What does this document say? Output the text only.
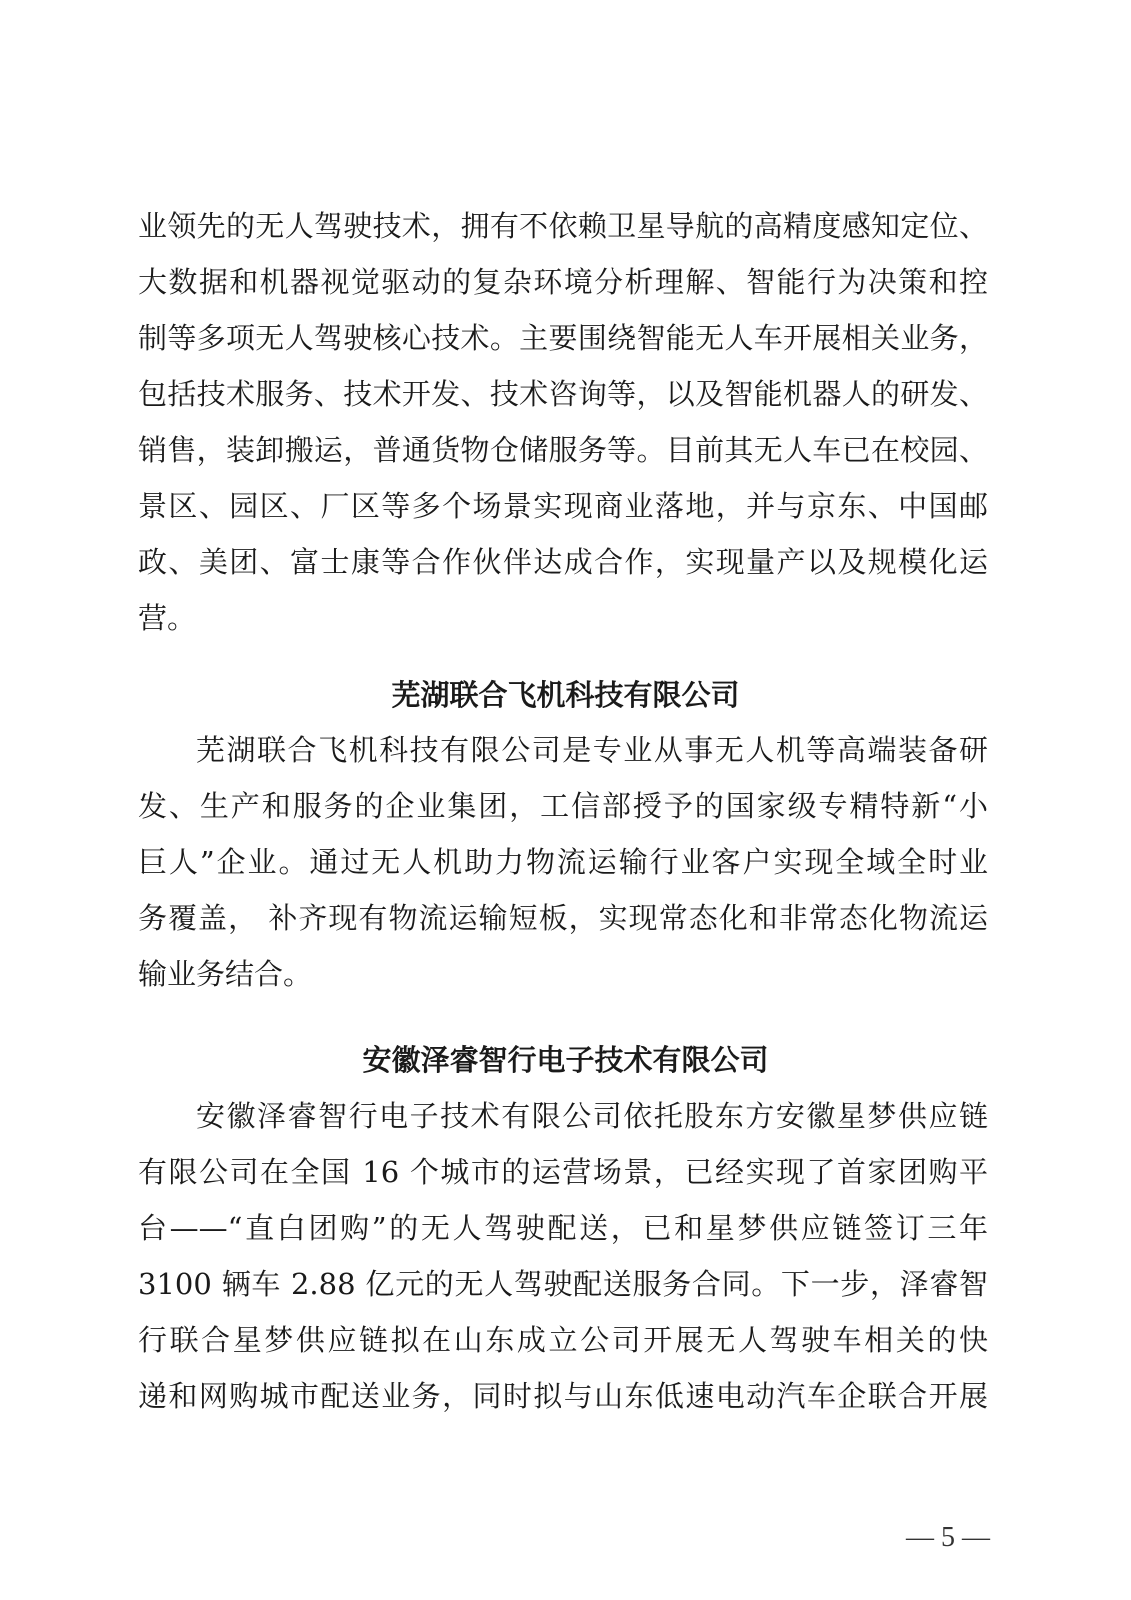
业领先的无人驾驶技术，拥有不依赖卫星导航的高精度感知定位、
大数据和机器视觉驱动的复杂环境分析理解、智能行为决策和控
制等多项无人驾驶核心技术。主要围绕智能无人车开展相关业务，
包括技术服务、技术开发、技术咨询等，以及智能机器人的研发、
销售，装卸搬运，普通货物仓储服务等。目前其无人车已在校园、
景区、园区、厂区等多个场景实现商业落地，并与京东、中国邮
政、美团、富士康等合作伙伴达成合作，实现量产以及规模化运
营。
芜湖联合飞机科技有限公司
芜湖联合飞机科技有限公司是专业从事无人机等高端装备研
发、生产和服务的企业集团，工信部授予的国家级专精特新“小
巨人”企业。通过无人机助力物流运输行业客户实现全域全时业
务覆盖， 补齐现有物流运输短板，实现常态化和非常态化物流运
输业务结合。
安徽泽睿智行电子技术有限公司
安徽泽睿智行电子技术有限公司依托股东方安徽星梦供应链
有限公司在全国 16 个城市的运营场景，已经实现了首家团购平
台——“直白团购”的无人驾驶配送，已和星梦供应链签订三年
3100 辆车 2.88 亿元的无人驾驶配送服务合同。下一步，泽睿智
行联合星梦供应链拟在山东成立公司开展无人驾驶车相关的快
递和网购城市配送业务，同时拟与山东低速电动汽车企联合开展
— 5 —
